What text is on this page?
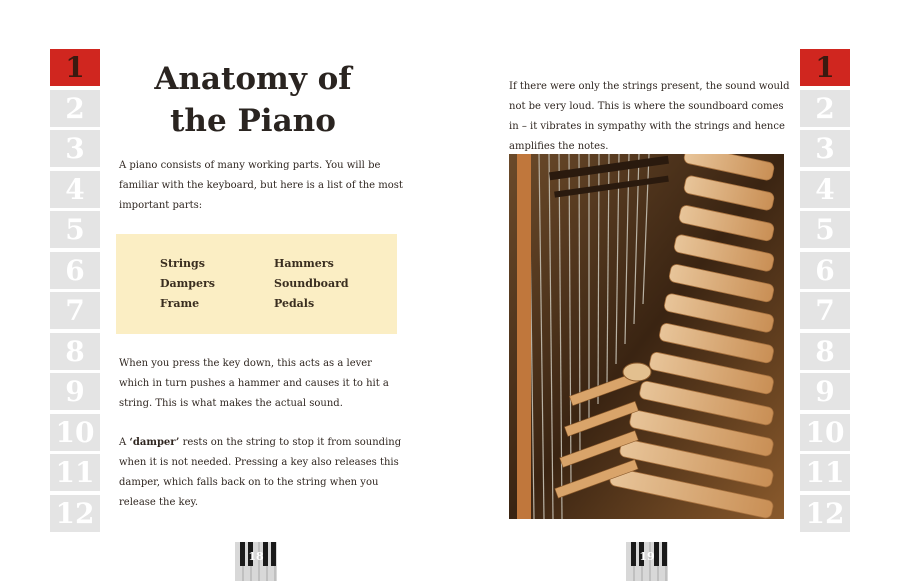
1
2
3
4
5
6
7
8
9
10
11
12
1
2
3
4
5
6
7
8
9
10
11
12
Anatomy of
the Piano
A piano consists of many working parts. You will be familiar with the keyboard, but here is a list of the most important parts:
Strings	Hammers
Dampers	Soundboard
Frame	Pedals
When you press the key down, this acts as a lever which in turn pushes a hammer and causes it to hit a string. This is what makes the actual sound.
A ‘damper’ rests on the string to stop it from sounding when it is not needed. Pressing a key also releases this damper, which falls back on to the string when you release the key.
18
If there were only the strings present, the sound would not be very loud. This is where the soundboard comes in – it vibrates in sympathy with the strings and hence amplifies the notes.
19
